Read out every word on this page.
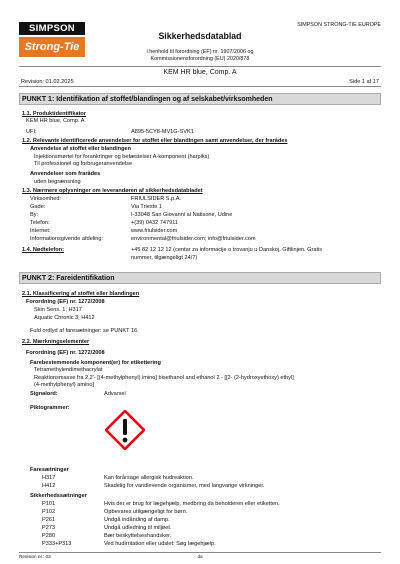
SIMPSON
Strong-Tie
SIMPSON STRONG-TIE EUROPE
Sikkerhedsdatablad
i henhold til forordning (EF) nr. 1907/2006 og
Kommissionensforordning (EU) 2020/878
KEM HR blue, Comp. A
Revision: 01.02.2025	Side 1 af 17
PUNKT 1: Identifikation af stoffet/blandingen og af selskabet/virksomheden
1.1. Produktidentifikator
KEM HR blue, Comp. A
UFI:	A895-5CY8-MV1G-SVK1
1.2. Relevante identificerede anvendelser for stoffet eller blandingen samt anvendelser, der frarådes
Anvendelse af stoffet eller blandingen
Injektionsmørtel for forankringer og befæstelser A-komponent (harpiks)
Til professionel og forbrugeranvendelse
Anvendelser som frarådes
uden begrænsning
1.3. Nærmere oplysninger om leverandøren af sikkerhedsdatabladet
Virksomhed:	FRIULSIDER S.p.A.
Gade:	Via Trieste 1
By:	I-33048 San Giovanni al Natisone, Udine
Telefon:	+(39) 0432 747911
Internet:	www.friulsider.com
Informationsgivende afdeling:	environmental@friulsider.com; info@friulsider.com
1.4. Nødtelefon:	+45 82 12 12 12 (centar za informacije o trovanju u Danskoj, Giftlinjen. Gratis
nummer, tilgængeligt 24/7)
PUNKT 2: Fareidentifikation
2.1. Klassificering af stoffet eller blandingen
Forordning (EF) nr. 1272/2008
Skin Sens. 1; H317
Aquatic Chronic 3; H412
Fuld ordlyd af faresætninger: se PUNKT 16.
2.2. Mærkningselementer
Forordning (EF) nr. 1272/2008
Farebestemmende komponent(er) for etikettering
Tetramethylendimethacrylat
Reaktionsmasse fra 2,2'- [(4-methylphenyl) imino] bisethanol and ethanol 2 - [[2- (2-hydroxyethoxy) ethyl]
(4-methylphenyl) amino]
Signalord:	Advarsel
Piktogrammer:
Faresætninger
H317	Kan forårsage allergisk hudreaktion.
H412	Skadelig for vandlevende organismer, med langvarige virkninger.
Sikkerhedssætninger
P101	Hvis der er brug for lægehjælp, medbring da beholderen eller etiketten.
P102	Opbevares utilgængeligt for børn.
P261	Undgå indånding af damp.
P273	Undgå udledning til miljøet.
P280	Bær beskyttelseshandsker.
P333+P313	Ved hudirritation eller udslet: Søg lægehjælp.
Revision nr.: 03	da
